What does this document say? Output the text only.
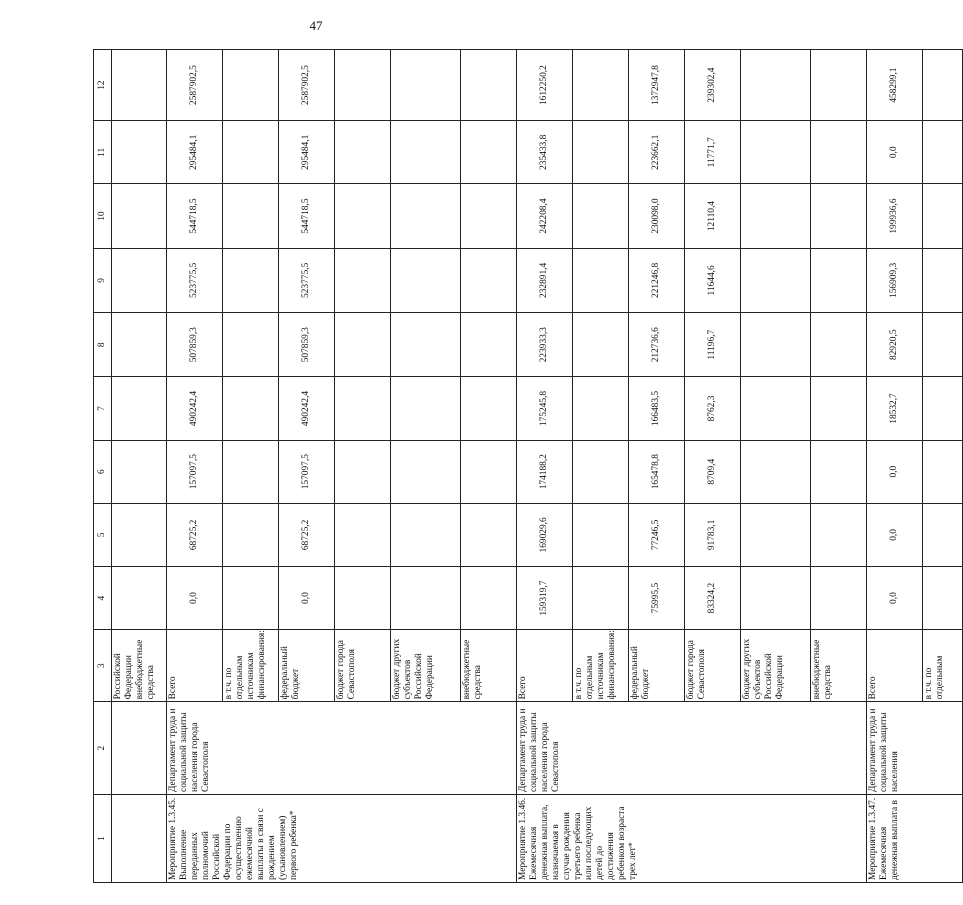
47
1	2	3	4	5	6	7	8	9	10	11	12
		Российской Федерации внебюджетные средства									
Мероприятие 1.3.45. Выполнение переданных полномочий Российской Федерации по осуществлению ежемесячной выплаты в связи с рождением (усыновлением) первого ребенка*	Департамент труда и социальной защиты населения города Севастополя	Всего	0,0	68725,2	157097,5	490242,4	507859,3	523775,5	544718,5	295484,1	2587902,5
		в т.ч. по отдельным источникам финансирования:									
		федеральный бюджет	0,0	68725,2	157097,5	490242,4	507859,3	523775,5	544718,5	295484,1	2587902,5
		бюджет города Севастополя									
		бюджет других субъектов Российской Федерации									
		внебюджетные средства									
Мероприятие 1.3.46. Ежемесячная денежная выплата, назначаемая в случае рождения третьего ребенка или последующих детей до достижения ребенком возраста трех лет*	Департамент труда и социальной защиты населения города Севастополя	Всего	159319,7	169029,6	174188,2	175245,8	223933,3	232891,4	242208,4	235433,8	1612250,2
		в т.ч. по отдельным источникам финансирования:									
		федеральный бюджет	75995,5	77246,5	165478,8	166483,5	212736,6	221246,8	230098,0	223662,1	1372947,8
		бюджет города Севастополя	83324,2	91783,1	8709,4	8762,3	11196,7	11644,6	12110,4	11771,7	239302,4
		бюджет других субъектов Российской Федерации									
		внебюджетные средства									
Мероприятие 1.3.47. Ежемесячная денежная выплата в	Департамент труда и социальной защиты населения	Всего	0,0	0,0	0,0	18532,7	82920,5	156909,3	199936,6	0,0	458299,1
		в т.ч. по отдельным									
